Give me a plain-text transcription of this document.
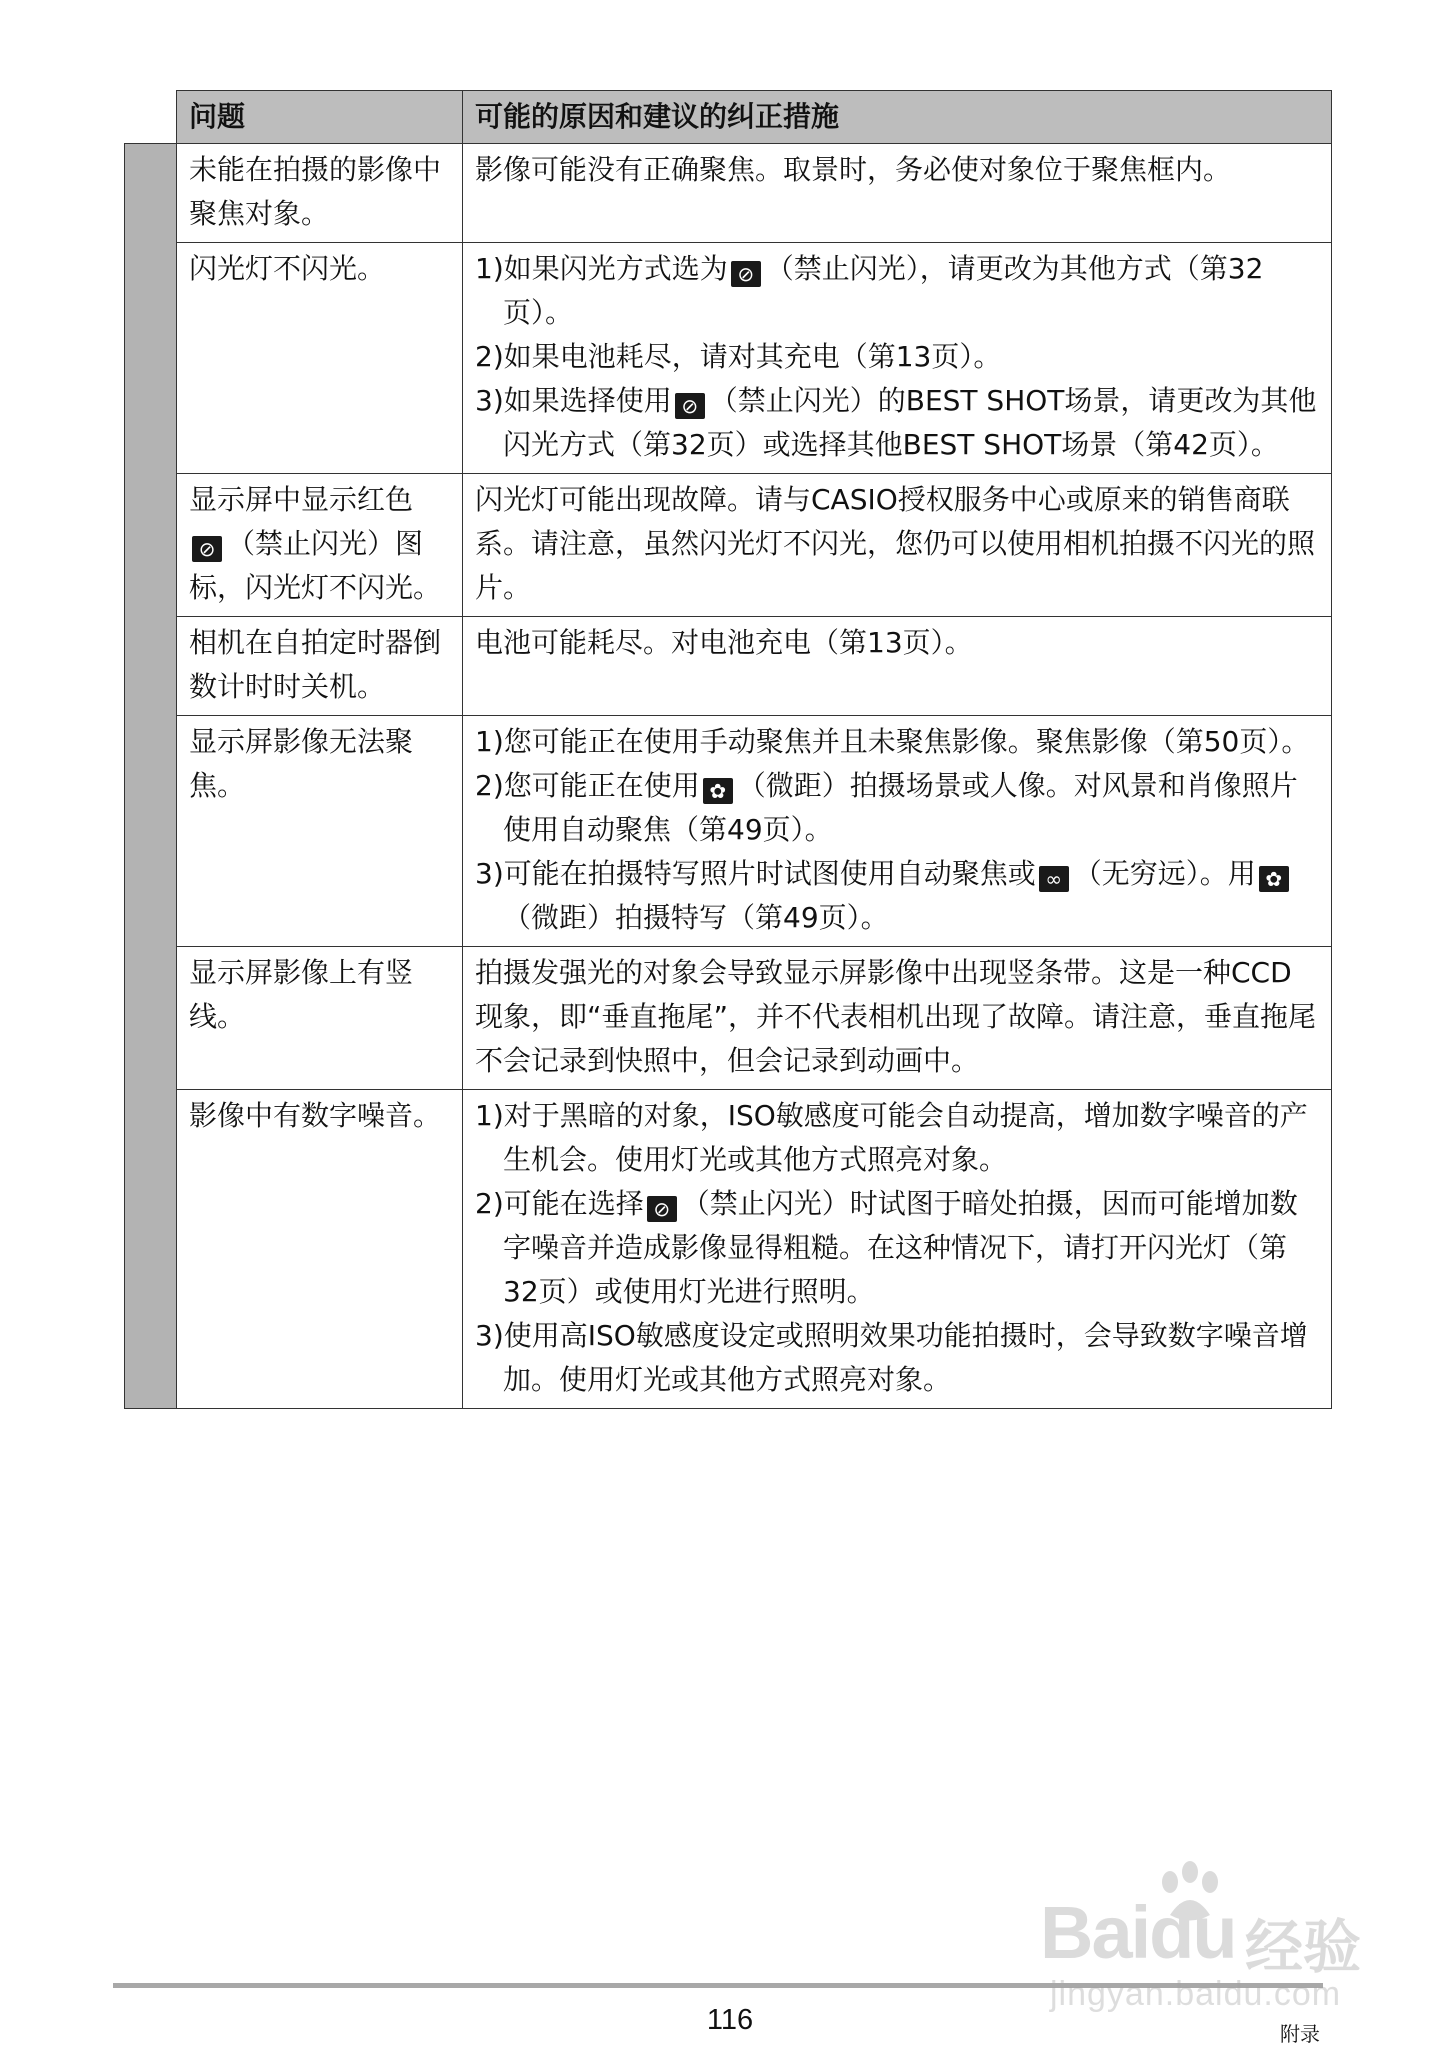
	问题	可能的原因和建议的纠正措施
	未能在拍摄的影像中聚焦对象。	影像可能没有正确聚焦。取景时，务必使对象位于聚焦框内。

	闪光灯不闪光。	1)如果闪光方式选为 ⊘ （禁止闪光），请更改为其他方式（第32页）。
2)如果电池耗尽，请对其充电（第13页）。
3)如果选择使用 ⊘ （禁止闪光）的BEST SHOT场景，请更改为其他闪光方式（第32页）或选择其他BEST SHOT场景（第42页）。

	显示屏中显示红色⊘ （禁止闪光）图标，闪光灯不闪光。	闪光灯可能出现故障。请与CASIO授权服务中心或原来的销售商联系。请注意，虽然闪光灯不闪光，您仍可以使用相机拍摄不闪光的照片。

	相机在自拍定时器倒数计时时关机。	电池可能耗尽。对电池充电（第13页）。

	显示屏影像无法聚焦。	1)您可能正在使用手动聚焦并且未聚焦影像。聚焦影像（第50页）。
2)您可能正在使用 ✿ （微距）拍摄场景或人像。对风景和肖像照片使用自动聚焦（第49页）。
3)可能在拍摄特写照片时试图使用自动聚焦或 ∞ （无穷远）。用 ✿（微距）拍摄特写（第49页）。

	显示屏影像上有竖线。	拍摄发强光的对象会导致显示屏影像中出现竖条带。这是一种CCD现象，即“垂直拖尾”，并不代表相机出现了故障。请注意，垂直拖尾不会记录到快照中，但会记录到动画中。

	影像中有数字噪音。	1)对于黑暗的对象，ISO敏感度可能会自动提高，增加数字噪音的产生机会。使用灯光或其他方式照亮对象。
2)可能在选择 ⊘ （禁止闪光）时试图于暗处拍摄，因而可能增加数字噪音并造成影像显得粗糙。在这种情况下，请打开闪光灯（第32页）或使用灯光进行照明。
3)使用高ISO敏感度设定或照明效果功能拍摄时，会导致数字噪音增加。使用灯光或其他方式照亮对象。
116	附录
Baidu 经验
jingyan.baidu.com
